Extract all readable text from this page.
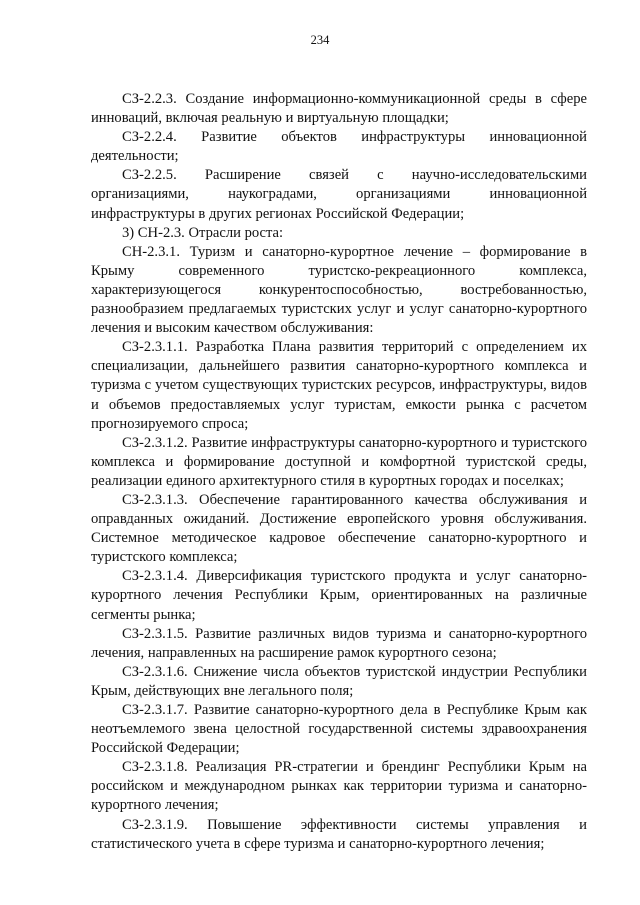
234

СЗ-2.2.3. Создание информационно-коммуникационной среды в сфере инноваций, включая реальную и виртуальную площадки;

СЗ-2.2.4. Развитие объектов инфраструктуры инновационной деятельности;

СЗ-2.2.5. Расширение связей с научно-исследовательскими организациями, наукоградами, организациями инновационной инфраструктуры в других регионах Российской Федерации;

3) СН-2.3. Отрасли роста:

СН-2.3.1. Туризм и санаторно-курортное лечение – формирование в Крыму современного туристско-рекреационного комплекса, характеризующегося конкурентоспособностью, востребованностью, разнообразием предлагаемых туристских услуг и услуг санаторно-курортного лечения и высоким качеством обслуживания:

СЗ-2.3.1.1. Разработка Плана развития территорий с определением их специализации, дальнейшего развития санаторно-курортного комплекса и туризма с учетом существующих туристских ресурсов, инфраструктуры, видов и объемов предоставляемых услуг туристам, емкости рынка с расчетом прогнозируемого спроса;

СЗ-2.3.1.2. Развитие инфраструктуры санаторно-курортного и туристского комплекса и формирование доступной и комфортной туристской среды, реализации единого архитектурного стиля в курортных городах и поселках;

СЗ-2.3.1.3. Обеспечение гарантированного качества обслуживания и оправданных ожиданий. Достижение европейского уровня обслуживания. Системное методическое кадровое обеспечение санаторно-курортного и туристского комплекса;

СЗ-2.3.1.4. Диверсификация туристского продукта и услуг санаторно-курортного лечения Республики Крым, ориентированных на различные сегменты рынка;

СЗ-2.3.1.5. Развитие различных видов туризма и санаторно-курортного лечения, направленных на расширение рамок курортного сезона;

СЗ-2.3.1.6. Снижение числа объектов туристской индустрии Республики Крым, действующих вне легального поля;

СЗ-2.3.1.7. Развитие санаторно-курортного дела в Республике Крым как неотъемлемого звена целостной государственной системы здравоохранения Российской Федерации;

СЗ-2.3.1.8. Реализация PR-стратегии и брендинг Республики Крым на российском и международном рынках как территории туризма и санаторно-курортного лечения;

СЗ-2.3.1.9. Повышение эффективности системы управления и статистического учета в сфере туризма и санаторно-курортного лечения;
